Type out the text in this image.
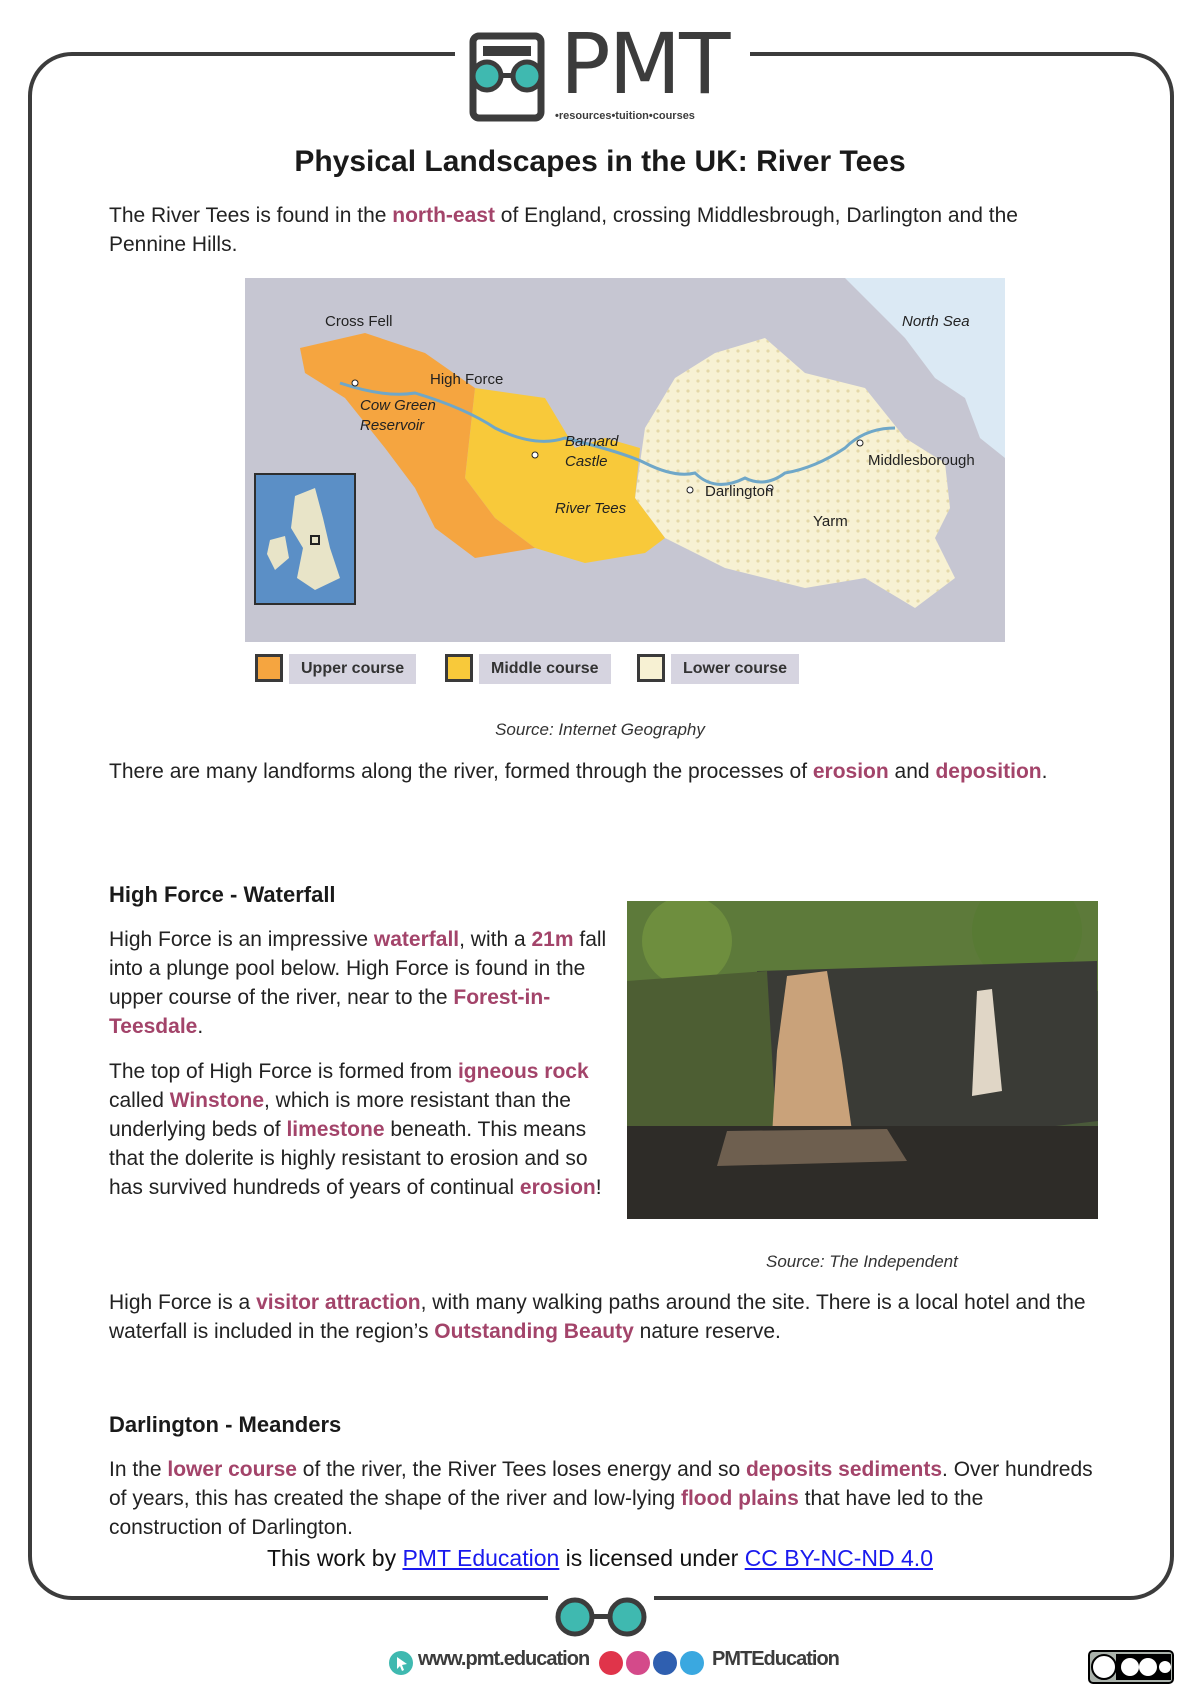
PMT
•resources•tuition•courses
Physical Landscapes in the UK: River Tees

The River Tees is found in the north-east of England, crossing Middlesbrough, Darlington and the Pennine Hills.

Cross Fell	North Sea
High Force
Cow Green
Reservoir
Barnard
Castle
River Tees
Darlington
Yarm
Middlesborough
Upper course	Middle course	Lower course
Source: Internet Geography

There are many landforms along the river, formed through the processes of erosion and deposition.

High Force - Waterfall

High Force is an impressive waterfall, with a 21m fall into a plunge pool below. High Force is found in the upper course of the river, near to the Forest-in-Teesdale.

The top of High Force is formed from igneous rock called Winstone, which is more resistant than the underlying beds of limestone beneath. This means that the dolerite is highly resistant to erosion and so has survived hundreds of years of continual erosion!

Source: The Independent

High Force is a visitor attraction, with many walking paths around the site. There is a local hotel and the waterfall is included in the region’s Outstanding Beauty nature reserve.

Darlington - Meanders

In the lower course of the river, the River Tees loses energy and so deposits sediments. Over hundreds of years, this has created the shape of the river and low-lying flood plains that have led to the construction of Darlington.

This work by PMT Education is licensed under CC BY-NC-ND 4.0
www.pmt.education	PMTEducation
